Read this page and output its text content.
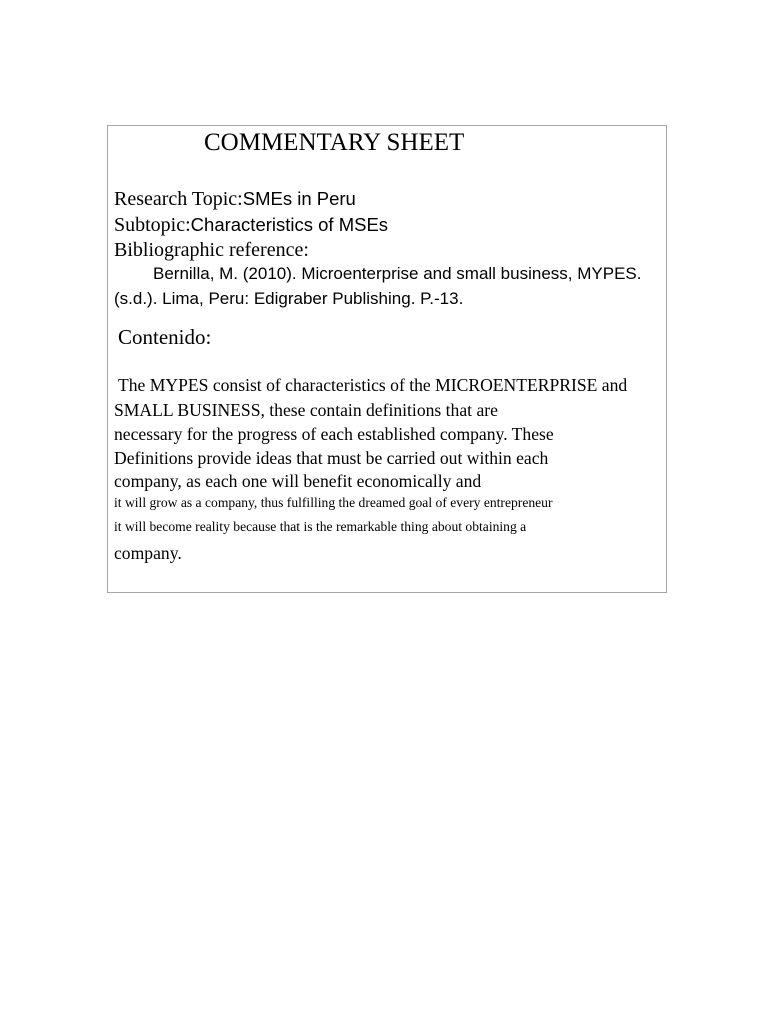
COMMENTARY SHEET
Research Topic:SMEs in Peru
Subtopic:Characteristics of MSEs
Bibliographic reference:
Bernilla, M. (2010). Microenterprise and small business, MYPES.
(s.d.). Lima, Peru: Edigraber Publishing. P.-13.
Contenido:
The MYPES consist of characteristics of the MICROENTERPRISE and
SMALL BUSINESS, these contain definitions that are
necessary for the progress of each established company. These
Definitions provide ideas that must be carried out within each
company, as each one will benefit economically and
it will grow as a company, thus fulfilling the dreamed goal of every entrepreneur
it will become reality because that is the remarkable thing about obtaining a
company.
